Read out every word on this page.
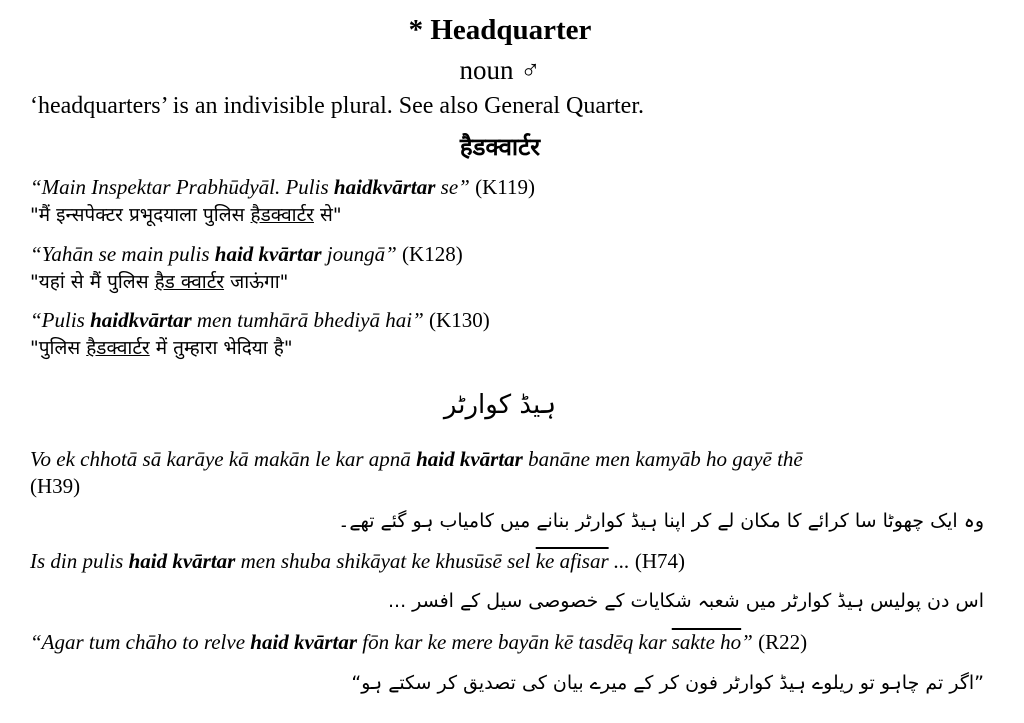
* Headquarter
noun ♂
‘headquarters’ is an indivisible plural. See also General Quarter.
हैडक्वार्टर
“Main Inspektar Prabhūdyāl. Pulis haidkvārtar se” (K119)
"मैं इन्सपेक्टर प्रभूदयाला पुलिस हैडक्वार्टर से"
“Yahān se main pulis haid kvārtar joungā” (K128)
"यहां से मैं पुलिस हैड क्वार्टर जाऊंगा"
“Pulis haidkvārtar men tumhārā bhediyā hai” (K130)
"पुलिस हैडक्वार्टर में तुम्हारा भेदिया है"
ہیڈ کوارٹر
Vo ek chhotā sā karāye kā makān le kar apnā haid kvārtar banāne men kamyāb ho gayē thē
(H39)
وہ ایک چھوٹا سا کرائے کا مکان لے کر اپنا ہیڈ کوارٹر بنانے میں کامیاب ہو گئے تھے۔
Is din pulis haid kvārtar men shuba shikāyat ke khusūsē sel ke afisar ... (H74)
اس دن پولیس ہیڈ کوارٹر میں شعبہ شکایات کے خصوصی سیل کے افسر ...
“Agar tum chāho to relve haid kvārtar fōn kar ke mere bayān kē tasdēq kar sakte ho” (R22)
”اگر تم چاہو تو ریلوے ہیڈ کوارٹر فون کر کے میرے بیان کی تصدیق کر سکتے ہو“
